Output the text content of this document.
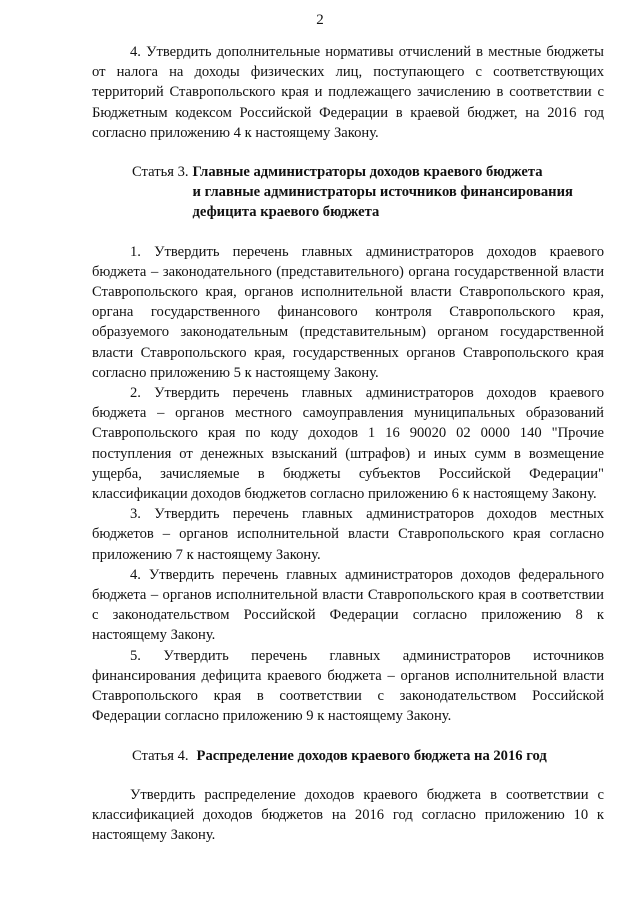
2

4. Утвердить дополнительные нормативы отчислений в местные бюджеты от налога на доходы физических лиц, поступающего с соответствующих территорий Ставропольского края и подлежащего зачислению в соответствии с Бюджетным кодексом Российской Федерации в краевой бюджет, на 2016 год согласно приложению 4 к настоящему Закону.

Статья 3. Главные администраторы доходов краевого бюджета
и главные администраторы источников финансирования
дефицита краевого бюджета

1. Утвердить перечень главных администраторов доходов краевого бюджета – законодательного (представительного) органа государственной власти Ставропольского края, органов исполнительной власти Ставропольского края, органа государственного финансового контроля Ставропольского края, образуемого законодательным (представительным) органом государственной власти Ставропольского края, государственных органов Ставропольского края согласно приложению 5 к настоящему Закону.

2. Утвердить перечень главных администраторов доходов краевого бюджета – органов местного самоуправления муниципальных образований Ставропольского края по коду доходов 1 16 90020 02 0000 140 "Прочие поступления от денежных взысканий (штрафов) и иных сумм в возмещение ущерба, зачисляемые в бюджеты субъектов Российской Федерации" классификации доходов бюджетов согласно приложению 6 к настоящему Закону.

3. Утвердить перечень главных администраторов доходов местных бюджетов – органов исполнительной власти Ставропольского края согласно приложению 7 к настоящему Закону.

4. Утвердить перечень главных администраторов доходов федерального бюджета – органов исполнительной власти Ставропольского края в соответствии с законодательством Российской Федерации согласно приложению 8 к настоящему Закону.

5. Утвердить перечень главных администраторов источников финансирования дефицита краевого бюджета – органов исполнительной власти Ставропольского края в соответствии с законодательством Российской Федерации согласно приложению 9 к настоящему Закону.

Статья 4. Распределение доходов краевого бюджета на 2016 год

Утвердить распределение доходов краевого бюджета в соответствии с классификацией доходов бюджетов на 2016 год согласно приложению 10 к настоящему Закону.
